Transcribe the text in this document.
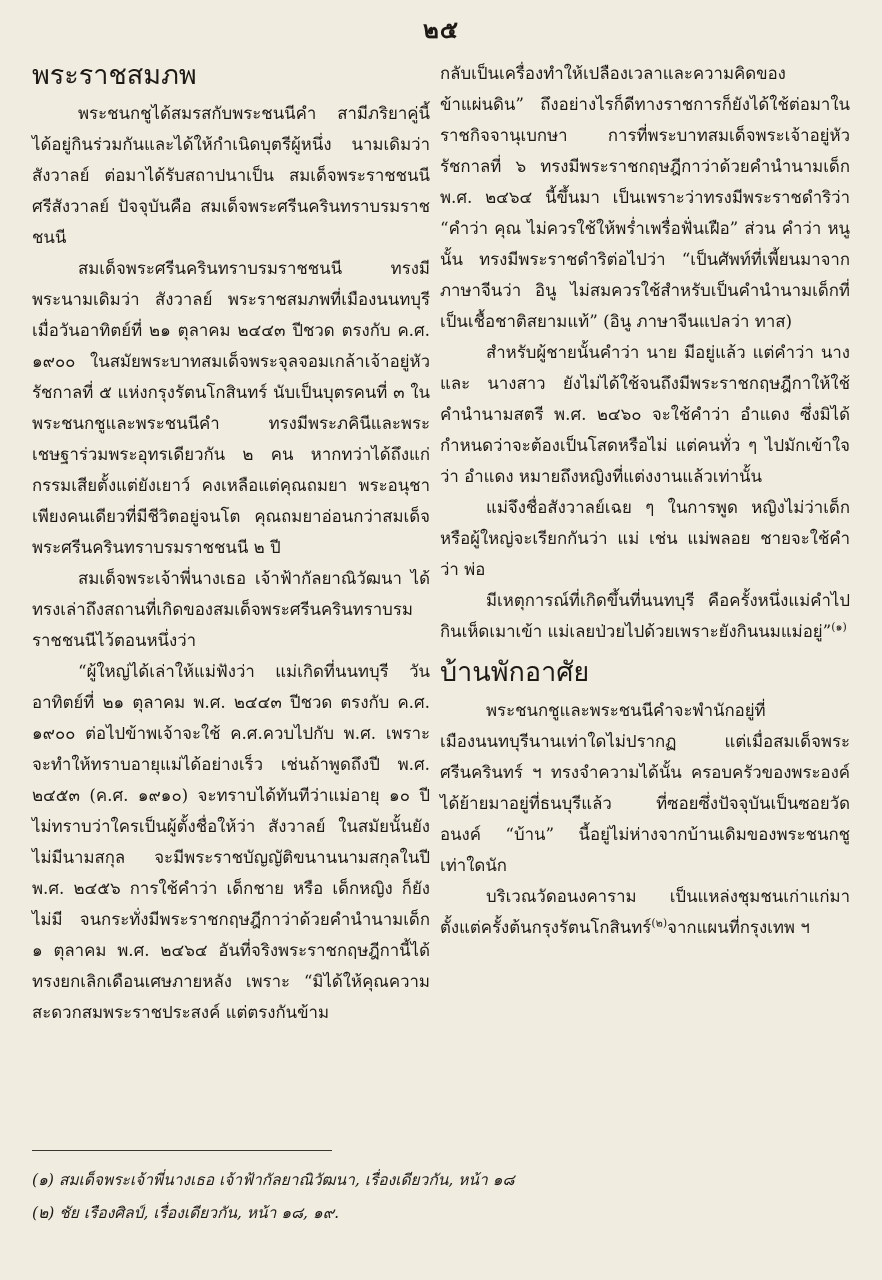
๒๕
พระราชสมภพ

พระชนกชูได้สมรสกับพระชนนีคำ สามีภริยาคู่นี้ได้อยู่กินร่วมกันและได้ให้กำเนิดบุตรีผู้หนึ่ง นามเดิมว่า สังวาลย์ ต่อมาได้รับสถาปนาเป็น สมเด็จพระราชชนนีศรีสังวาลย์ ปัจจุบันคือ สมเด็จพระศรีนครินทราบรมราชชนนี

สมเด็จพระศรีนครินทราบรมราชชนนี ทรงมีพระนามเดิมว่า สังวาลย์ พระราชสมภพที่เมืองนนทบุรี เมื่อวันอาทิตย์ที่ ๒๑ ตุลาคม ๒๔๔๓ ปีชวด ตรงกับ ค.ศ. ๑๙๐๐ ในสมัยพระบาทสมเด็จพระจุลจอมเกล้าเจ้าอยู่หัว รัชกาลที่ ๕ แห่งกรุงรัตนโกสินทร์ นับเป็นบุตรคนที่ ๓ ในพระชนกชูและพระชนนีคำ ทรงมีพระภคินีและพระเชษฐาร่วมพระอุทรเดียวกัน ๒ คน หากทว่าได้ถึงแก่กรรมเสียตั้งแต่ยังเยาว์ คงเหลือแต่คุณถมยา พระอนุชาเพียงคนเดียวที่มีชีวิตอยู่จนโต คุณถมยาอ่อนกว่าสมเด็จพระศรีนครินทราบรมราชชนนี ๒ ปี

สมเด็จพระเจ้าพี่นางเธอ เจ้าฟ้ากัลยาณิวัฒนา ได้ทรงเล่าถึงสถานที่เกิดของสมเด็จพระศรีนครินทราบรมราชชนนีไว้ตอนหนึ่งว่า

“ผู้ใหญ่ได้เล่าให้แม่ฟังว่า แม่เกิดที่นนทบุรี วันอาทิตย์ที่ ๒๑ ตุลาคม พ.ศ. ๒๔๔๓ ปีชวด ตรงกับ ค.ศ. ๑๙๐๐ ต่อไปข้าพเจ้าจะใช้ ค.ศ.ควบไปกับ พ.ศ. เพราะจะทำให้ทราบอายุแม่ได้อย่างเร็ว เช่นถ้าพูดถึงปี พ.ศ. ๒๔๕๓ (ค.ศ. ๑๙๑๐) จะทราบได้ทันทีว่าแม่อายุ ๑๐ ปี ไม่ทราบว่าใครเป็นผู้ตั้งชื่อให้ว่า สังวาลย์ ในสมัยนั้นยังไม่มีนามสกุล จะมีพระราชบัญญัติขนานนามสกุลในปี พ.ศ. ๒๔๕๖ การใช้คำว่า เด็กชาย หรือ เด็กหญิง ก็ยังไม่มี จนกระทั่งมีพระราชกฤษฎีกาว่าด้วยคำนำนามเด็ก ๑ ตุลาคม พ.ศ. ๒๔๖๔ อันที่จริงพระราชกฤษฎีกานี้ได้ทรงยกเลิกเดือนเศษภายหลัง เพราะ “มิได้ให้คุณความสะดวกสมพระราชประสงค์ แต่ตรงกันข้าม

กลับเป็นเครื่องทำให้เปลืองเวลาและความคิดของข้าแผ่นดิน” ถึงอย่างไรก็ดีทางราชการก็ยังได้ใช้ต่อมาในราชกิจจานุเบกษา การที่พระบาทสมเด็จพระเจ้าอยู่หัวรัชกาลที่ ๖ ทรงมีพระราชกฤษฎีกาว่าด้วยคำนำนามเด็ก พ.ศ. ๒๔๖๔ นี้ขึ้นมา เป็นเพราะว่าทรงมีพระราชดำริว่า “คำว่า คุณ ไม่ควรใช้ให้พร่ำเพรื่อฟั่นเฝือ” ส่วน คำว่า หนู นั้น ทรงมีพระราชดำริต่อไปว่า “เป็นศัพท์ที่เพี้ยนมาจากภาษาจีนว่า อินู ไม่สมควรใช้สำหรับเป็นคำนำนามเด็กที่เป็นเชื้อชาติสยามแท้” (อินู ภาษาจีนแปลว่า ทาส)

สำหรับผู้ชายนั้นคำว่า นาย มีอยู่แล้ว แต่คำว่า นาง และ นางสาว ยังไม่ได้ใช้จนถึงมีพระราชกฤษฎีกาให้ใช้คำนำนามสตรี พ.ศ. ๒๔๖๐ จะใช้คำว่า อำแดง ซึ่งมิได้กำหนดว่าจะต้องเป็นโสดหรือไม่ แต่คนทั่ว ๆ ไปมักเข้าใจว่า อำแดง หมายถึงหญิงที่แต่งงานแล้วเท่านั้น

แม่จึงชื่อสังวาลย์เฉย ๆ ในการพูด หญิงไม่ว่าเด็กหรือผู้ใหญ่จะเรียกกันว่า แม่ เช่น แม่พลอย ชายจะใช้คำว่า พ่อ

มีเหตุการณ์ที่เกิดขึ้นที่นนทบุรี คือครั้งหนึ่งแม่คำไปกินเห็ดเมาเข้า แม่เลยป่วยไปด้วยเพราะยังกินนมแม่อยู่”$^{(๑)}$

บ้านพักอาศัย

พระชนกชูและพระชนนีคำจะพำนักอยู่ที่เมืองนนทบุรีนานเท่าใดไม่ปรากฏ แต่เมื่อสมเด็จพระศรีนครินทร์ ฯ ทรงจำความได้นั้น ครอบครัวของพระองค์ได้ย้ายมาอยู่ที่ธนบุรีแล้ว ที่ซอยซึ่งปัจจุบันเป็นซอยวัดอนงค์ “บ้าน” นี้อยู่ไม่ห่างจากบ้านเดิมของพระชนกชูเท่าใดนัก

บริเวณวัดอนงคาราม เป็นแหล่งชุมชนเก่าแก่มาตั้งแต่ครั้งต้นกรุงรัตนโกสินทร์$^{(๒)}$จากแผนที่กรุงเทพ ฯ

(๑) สมเด็จพระเจ้าพี่นางเธอ เจ้าฟ้ากัลยาณิวัฒนา, เรื่องเดียวกัน, หน้า ๑๘
(๒) ชัย เรืองศิลป์, เรื่องเดียวกัน, หน้า ๑๘, ๑๙.
